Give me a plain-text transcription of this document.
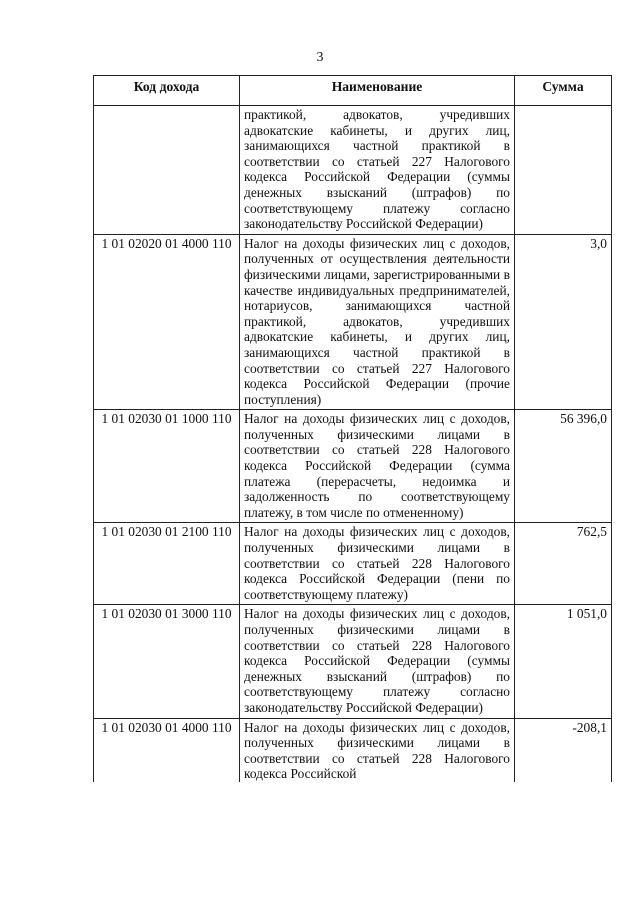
3
Код дохода	Наименование	Сумма
	практикой, адвокатов, учредивших адвокатские кабинеты, и других лиц, занимающихся частной практикой в соответствии со статьей 227 Налогового кодекса Российской Федерации (суммы денежных взысканий (штрафов) по соответствующему платежу согласно законодательству Российской Федерации)	
1 01 02020 01 4000 110	Налог на доходы физических лиц с доходов, полученных от осуществления деятельности физическими лицами, зарегистрированными в качестве индивидуальных предпринимателей, нотариусов, занимающихся частной практикой, адвокатов, учредивших адвокатские кабинеты, и других лиц, занимающихся частной практикой в соответствии со статьей 227 Налогового кодекса Российской Федерации (прочие поступления)	3,0
1 01 02030 01 1000 110	Налог на доходы физических лиц с доходов, полученных физическими лицами в соответствии со статьей 228 Налогового кодекса Российской Федерации (сумма платежа (перерасчеты, недоимка и задолженность по соответствующему платежу, в том числе по отмененному)	56 396,0
1 01 02030 01 2100 110	Налог на доходы физических лиц с доходов, полученных физическими лицами в соответствии со статьей 228 Налогового кодекса Российской Федерации (пени по соответствующему платежу)	762,5
1 01 02030 01 3000 110	Налог на доходы физических лиц с доходов, полученных физическими лицами в соответствии со статьей 228 Налогового кодекса Российской Федерации (суммы денежных взысканий (штрафов) по соответствующему платежу согласно законодательству Российской Федерации)	1 051,0
1 01 02030 01 4000 110	Налог на доходы физических лиц с доходов, полученных физическими лицами в соответствии со статьей 228 Налогового кодекса Российской	-208,1
